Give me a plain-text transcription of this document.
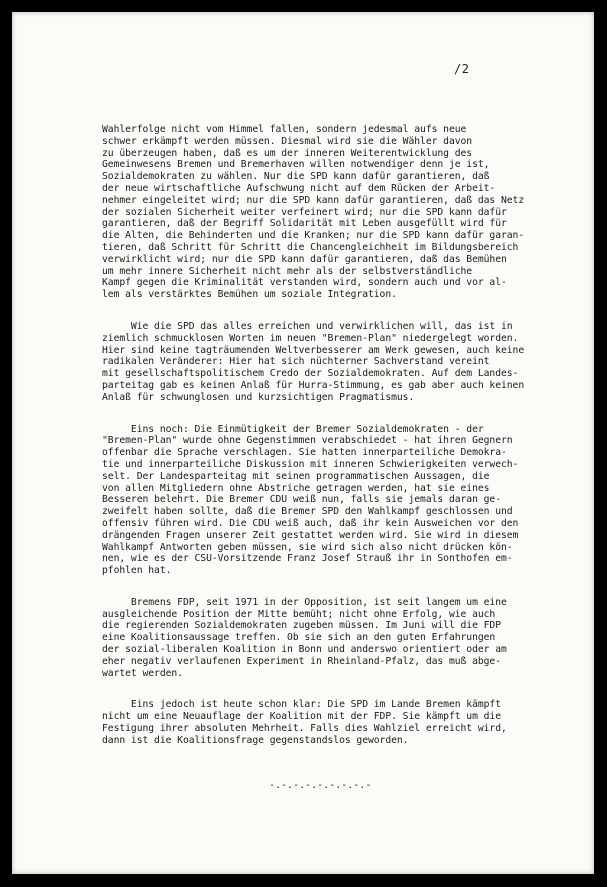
/2
Wahlerfolge nicht vom Himmel fallen, sondern jedesmal aufs neue
schwer erkämpft werden müssen. Diesmal wird sie die Wähler davon
zu überzeugen haben, daß es um der inneren Weiterentwicklung des
Gemeinwesens Bremen und Bremerhaven willen notwendiger denn je ist,
Sozialdemokraten zu wählen. Nur die SPD kann dafür garantieren, daß
der neue wirtschaftliche Aufschwung nicht auf dem Rücken der Arbeit-
nehmer eingeleitet wird; nur die SPD kann dafür garantieren, daß das Netz
der sozialen Sicherheit weiter verfeinert wird; nur die SPD kann dafür
garantieren, daß der Begriff Solidarität mit Leben ausgefüllt wird für
die Alten, die Behinderten und die Kranken; nur die SPD kann dafür garan-
tieren, daß Schritt für Schritt die Chancengleichheit im Bildungsbereich
verwirklicht wird; nur die SPD kann dafür garantieren, daß das Bemühen
um mehr innere Sicherheit nicht mehr als der selbstverständliche
Kampf gegen die Kriminalität verstanden wird, sondern auch und vor al-
lem als verstärktes Bemühen um soziale Integration.
Wie die SPD das alles erreichen und verwirklichen will, das ist in
ziemlich schmucklosen Worten im neuen "Bremen-Plan" niedergelegt worden.
Hier sind keine tagträumenden Weltverbesserer am Werk gewesen, auch keine
radikalen Veränderer: Hier hat sich nüchterner Sachverstand vereint
mit gesellschaftspolitischem Credo der Sozialdemokraten. Auf dem Landes-
parteitag gab es keinen Anlaß für Hurra-Stimmung, es gab aber auch keinen
Anlaß für schwunglosen und kurzsichtigen Pragmatismus.
Eins noch: Die Einmütigkeit der Bremer Sozialdemokraten - der
"Bremen-Plan" wurde ohne Gegenstimmen verabschiedet - hat ihren Gegnern
offenbar die Sprache verschlagen. Sie hatten innerparteiliche Demokra-
tie und innerparteiliche Diskussion mit inneren Schwierigkeiten verwech-
selt. Der Landesparteitag mit seinen programmatischen Aussagen, die
von allen Mitgliedern ohne Abstriche getragen werden, hat sie eines
Besseren belehrt. Die Bremer CDU weiß nun, falls sie jemals daran ge-
zweifelt haben sollte, daß die Bremer SPD den Wahlkampf geschlossen und
offensiv führen wird. Die CDU weiß auch, daß ihr kein Ausweichen vor den
drängenden Fragen unserer Zeit gestattet werden wird. Sie wird in diesem
Wahlkampf Antworten geben müssen, sie wird sich also nicht drücken kön-
nen, wie es der CSU-Vorsitzende Franz Josef Strauß ihr in Sonthofen em-
pfohlen hat.
Bremens FDP, seit 1971 in der Opposition, ist seit langem um eine
ausgleichende Position der Mitte bemüht; nicht ohne Erfolg, wie auch
die regierenden Sozialdemokraten zugeben müssen. Im Juni will die FDP
eine Koalitionsaussage treffen. Ob sie sich an den guten Erfahrungen
der sozial-liberalen Koalition in Bonn und anderswo orientiert oder am
eher negativ verlaufenen Experiment in Rheinland-Pfalz, das muß abge-
wartet werden.
Eins jedoch ist heute schon klar: Die SPD im Lande Bremen kämpft
nicht um eine Neuauflage der Koalition mit der FDP. Sie kämpft um die
Festigung ihrer absoluten Mehrheit. Falls dies Wahlziel erreicht wird,
dann ist die Koalitionsfrage gegenstandslos geworden.
-.-.-.-.-.-.-.-.-
